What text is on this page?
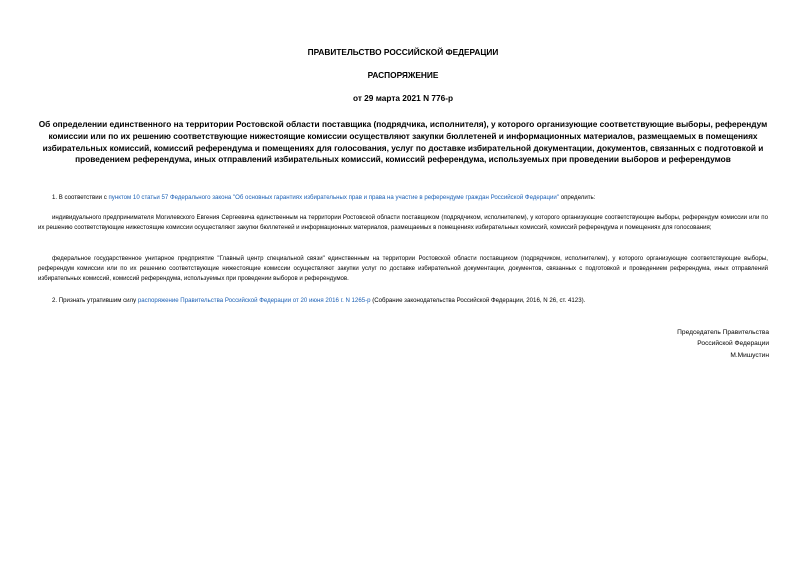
ПРАВИТЕЛЬСТВО РОССИЙСКОЙ ФЕДЕРАЦИИ

РАСПОРЯЖЕНИЕ

от 29 марта 2021 N 776-р

Об определении единственного на территории Ростовской области поставщика (подрядчика, исполнителя), у которого организующие соответствующие выборы, референдум комиссии или по их решению соответствующие нижестоящие комиссии осуществляют закупки бюллетеней и информационных материалов, размещаемых в помещениях избирательных комиссий, комиссий референдума и помещениях для голосования, услуг по доставке избирательной документации, документов, связанных с подготовкой и проведением референдума, иных отправлений избирательных комиссий, комиссий референдума, используемых при проведении выборов и референдумов

1. В соответствии с пунктом 10 статьи 57 Федерального закона "Об основных гарантиях избирательных прав и права на участие в референдуме граждан Российской Федерации" определить:

индивидуального предпринимателя Могилевского Евгения Сергеевича единственным на территории Ростовской области поставщиком (подрядчиком, исполнителем), у которого организующие соответствующие выборы, референдум комиссии или по их решению соответствующие нижестоящие комиссии осуществляют закупки бюллетеней и информационных материалов, размещаемых в помещениях избирательных комиссий, комиссий референдума и помещениях для голосования;

федеральное государственное унитарное предприятие "Главный центр специальной связи" единственным на территории Ростовской области поставщиком (подрядчиком, исполнителем), у которого организующие соответствующие выборы, референдум комиссии или по их решению соответствующие нижестоящие комиссии осуществляют закупки услуг по доставке избирательной документации, документов, связанных с подготовкой и проведением референдума, иных отправлений избирательных комиссий, комиссий референдума, используемых при проведении выборов и референдумов.

2. Признать утратившим силу распоряжение Правительства Российской Федерации от 20 июня 2016 г. N 1265-р (Собрание законодательства Российской Федерации, 2016, N 26, ст. 4123).

Председатель Правительства
Российской Федерации
М.Мишустин
